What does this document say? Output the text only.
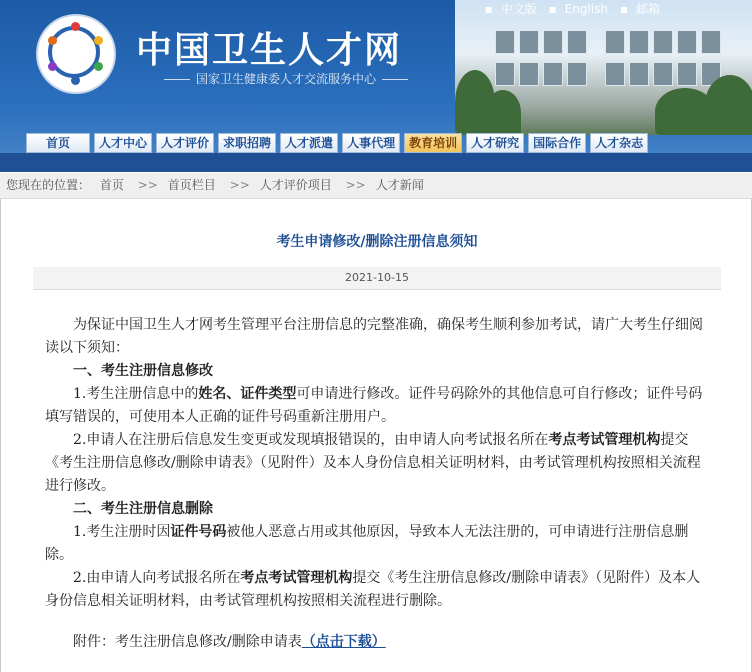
中国卫生人才网
国家卫生健康委人才交流服务中心
▪ 中文版 ▪ English ▪ 邮箱
首页	人才中心	人才评价	求职招聘	人才派遣	人事代理	教育培训	人才研究	国际合作	人才杂志
您现在的位置： 首页 >> 首页栏目 >> 人才评价项目 >> 人才新闻
考生申请修改/删除注册信息须知
2021-10-15

为保证中国卫生人才网考生管理平台注册信息的完整准确，确保考生顺利参加考试，请广大考生仔细阅读以下须知：

一、考生注册信息修改

1.考生注册信息中的姓名、证件类型可申请进行修改。证件号码除外的其他信息可自行修改；证件号码填写错误的，可使用本人正确的证件号码重新注册用户。

2.申请人在注册后信息发生变更或发现填报错误的，由申请人向考试报名所在考点考试管理机构提交《考生注册信息修改/删除申请表》（见附件）及本人身份信息相关证明材料，由考试管理机构按照相关流程进行修改。

二、考生注册信息删除

1.考生注册时因证件号码被他人恶意占用或其他原因，导致本人无法注册的，可申请进行注册信息删除。

2.由申请人向考试报名所在考点考试管理机构提交《考生注册信息修改/删除申请表》（见附件）及本人身份信息相关证明材料，由考试管理机构按照相关流程进行删除。

附件：考生注册信息修改/删除申请表（点击下载）
